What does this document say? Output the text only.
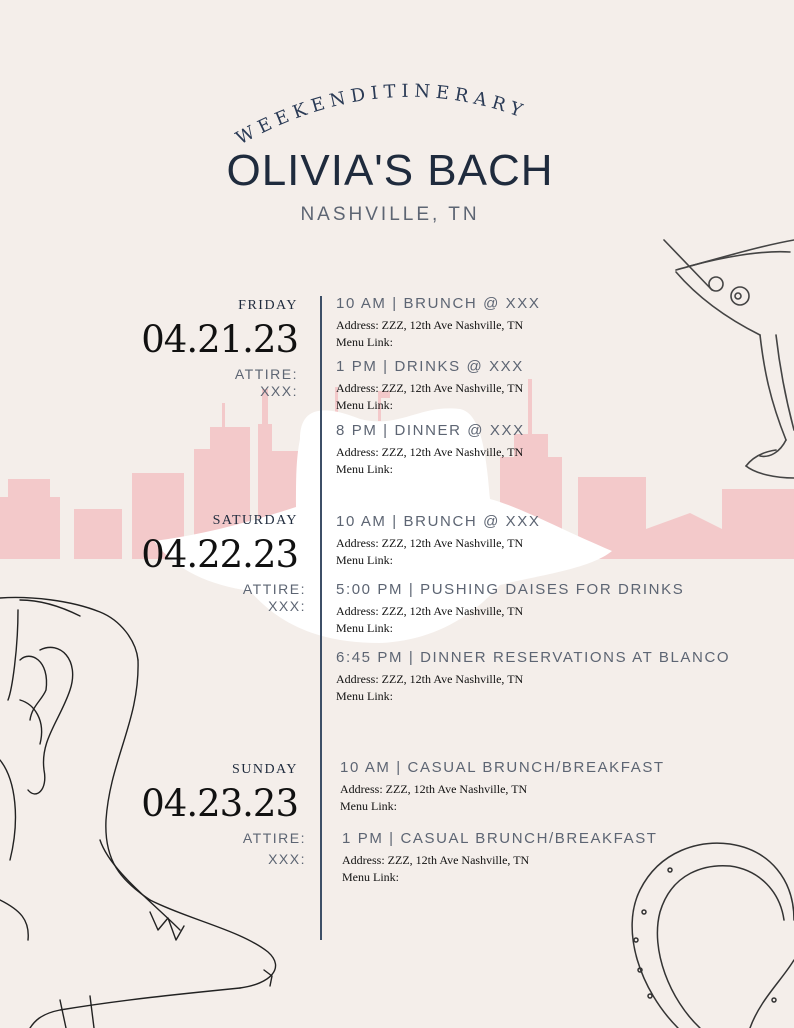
WEEKENDITINERARY
OLIVIA'S BACH
NASHVILLE, TN
FRIDAY
04.21.23
ATTIRE:
XXX:
10 AM | BRUNCH @ XXX
Address: ZZZ, 12th Ave Nashville, TN
Menu Link:
1 PM | DRINKS @ XXX
Address: ZZZ, 12th Ave Nashville, TN
Menu Link:
8 PM | DINNER @ XXX
Address: ZZZ, 12th Ave Nashville, TN
Menu Link:
SATURDAY
04.22.23
ATTIRE:
XXX:
10 AM | BRUNCH @ XXX
Address: ZZZ, 12th Ave Nashville, TN
Menu Link:
5:00 PM | PUSHING DAISES FOR DRINKS
Address: ZZZ, 12th Ave Nashville, TN
Menu Link:
6:45 PM | DINNER RESERVATIONS AT BLANCO
Address: ZZZ, 12th Ave Nashville, TN
Menu Link:
SUNDAY
04.23.23
ATTIRE:
XXX:
10 AM | CASUAL BRUNCH/BREAKFAST
Address: ZZZ, 12th Ave Nashville, TN
Menu Link:
1 PM | CASUAL BRUNCH/BREAKFAST
Address: ZZZ, 12th Ave Nashville, TN
Menu Link:
